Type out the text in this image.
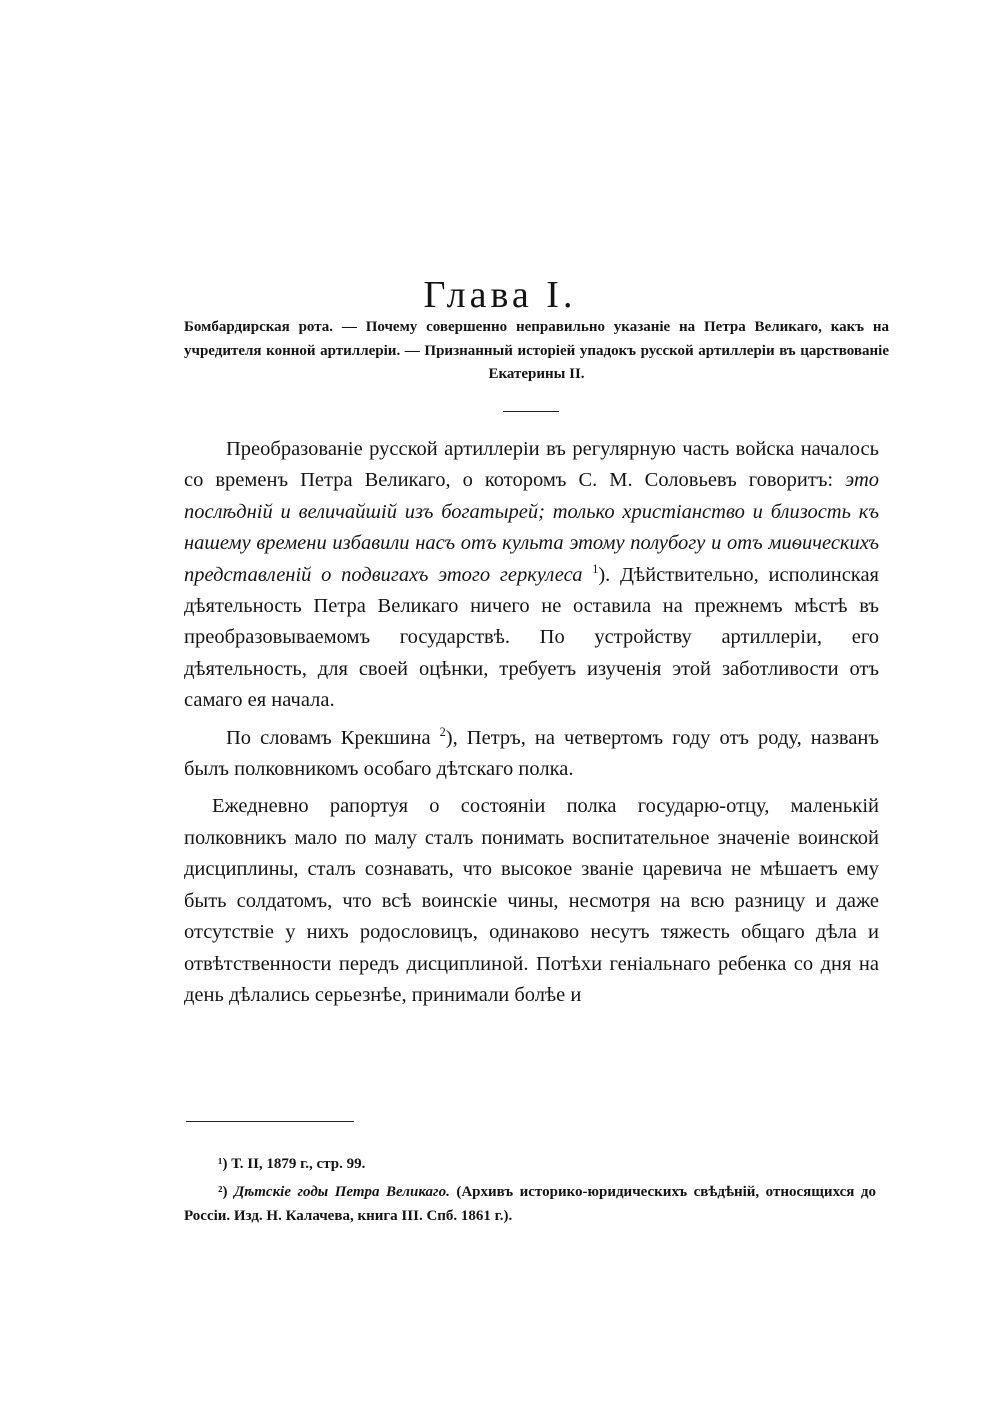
Глава I.
Бомбардирская рота. — Почему совершенно неправильно указаніе на Петра Великаго, какъ на учредителя конной артиллеріи. — Признанный исторіей упадокъ русской артиллеріи въ царствованіе Екатерины II.

Преобразованіе русской артиллеріи въ регулярную часть войска началось со временъ Петра Великаго, о которомъ С. М. Соловьевъ говоритъ: это послѣдній и величайшій изъ богатырей; только христіанство и близость къ нашему времени избавили насъ отъ культа этому полубогу и отъ миѳическихъ представленій о подвигахъ этого геркулеса $^1$). Дѣйствительно, исполинская дѣятельность Петра Великаго ничего не оставила на прежнемъ мѣстѣ въ преобразовываемомъ государствѣ. По устройству артиллеріи, его дѣятельность, для своей оцѣнки, требуетъ изученія этой заботливости отъ самаго ея начала.

По словамъ Крекшина $^2$), Петръ, на четвертомъ году отъ роду, названъ былъ полковникомъ особаго дѣтскаго полка.

Ежедневно рапортуя о состояніи полка государю-отцу, маленькій полковникъ мало по малу сталъ понимать воспитательное значеніе воинской дисциплины, сталъ сознавать, что высокое званіе царевича не мѣшаетъ ему быть солдатомъ, что всѣ воинскіе чины, несмотря на всю разницу и даже отсутствіе у нихъ родословицъ, одинаково несутъ тяжесть общаго дѣла и отвѣтственности передъ дисциплиной. Потѣхи геніальнаго ребенка со дня на день дѣлались серьезнѣе, принимали болѣе и

¹) Т. II, 1879 г., стр. 99.

²) Дѣтскіе годы Петра Великаго. (Архивъ историко-юридическихъ свѣдѣній, относящихся до Россіи. Изд. Н. Калачева, книга III. Спб. 1861 г.).
